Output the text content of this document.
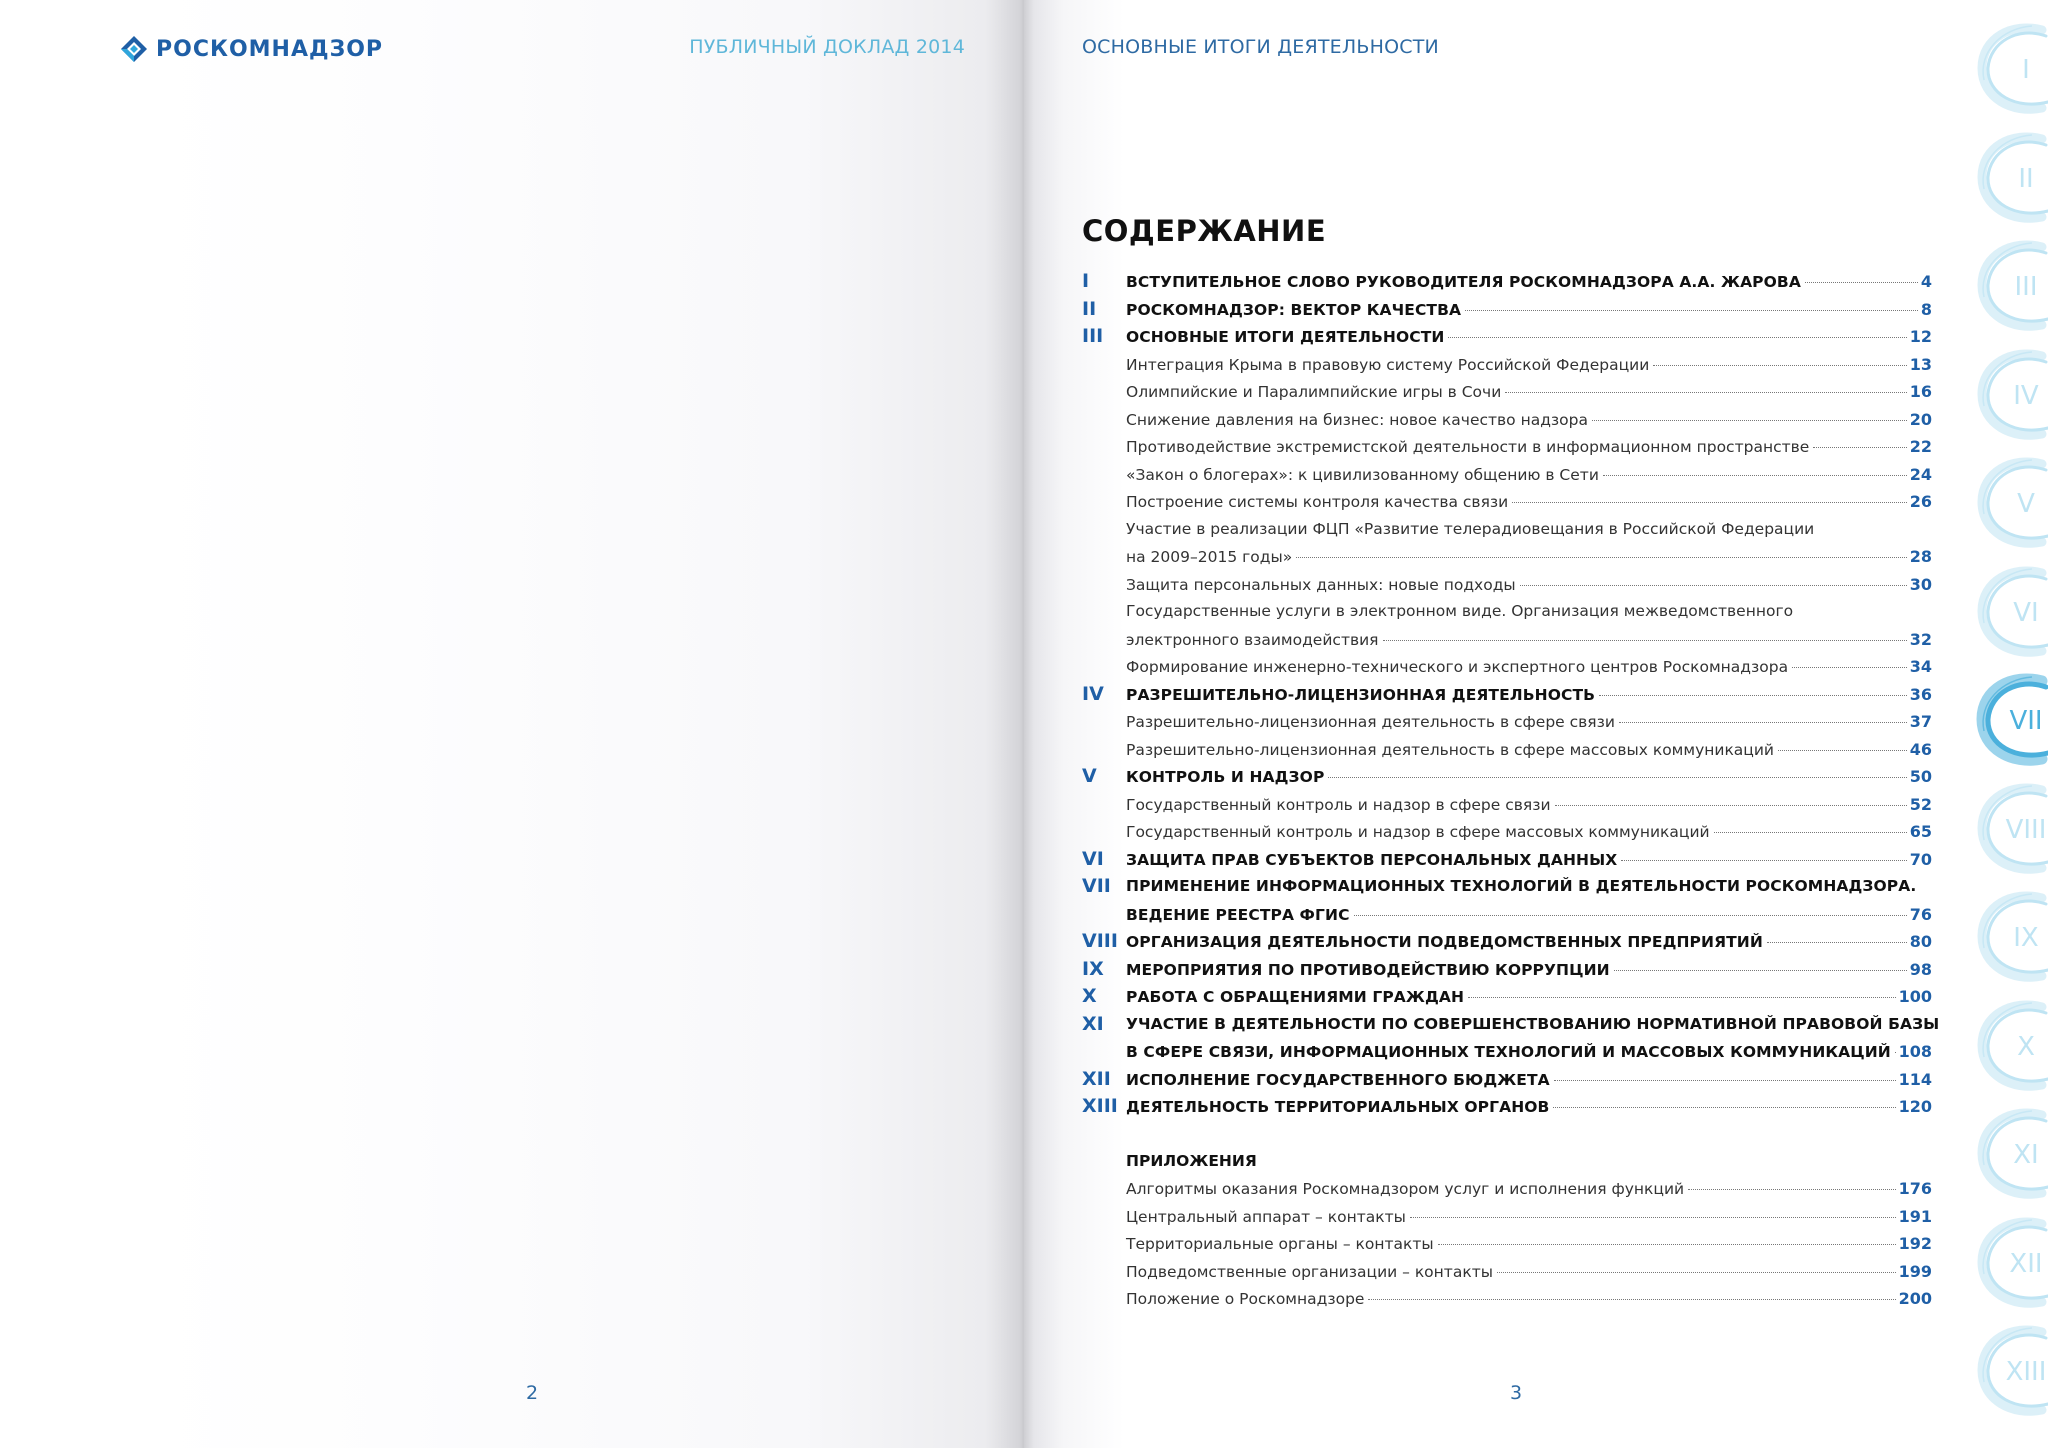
РОСКОМНАДЗОР	ПУБЛИЧНЫЙ ДОКЛАД 2014
2
ОСНОВНЫЕ ИТОГИ ДЕЯТЕЛЬНОСТИ
СОДЕРЖАНИЕ
I	ВСТУПИТЕЛЬНОЕ СЛОВО РУКОВОДИТЕЛЯ РОСКОМНАДЗОРА А.А. ЖАРОВА	4
II	РОСКОМНАДЗОР: ВЕКТОР КАЧЕСТВА	8
III	ОСНОВНЫЕ ИТОГИ ДЕЯТЕЛЬНОСТИ	12
Интеграция Крыма в правовую систему Российской Федерации	13
Олимпийские и Паралимпийские игры в Сочи	16
Снижение давления на бизнес: новое качество надзора	20
Противодействие экстремистской деятельности в информационном пространстве	22
«Закон о блогерах»: к цивилизованному общению в Сети	24
Построение системы контроля качества связи	26
Участие в реализации ФЦП «Развитие телерадиовещания в Российской Федерации
на 2009–2015 годы»	28
Защита персональных данных: новые подходы	30
Государственные услуги в электронном виде. Организация межведомственного
электронного взаимодействия	32
Формирование инженерно-технического и экспертного центров Роскомнадзора	34
IV	РАЗРЕШИТЕЛЬНО-ЛИЦЕНЗИОННАЯ ДЕЯТЕЛЬНОСТЬ	36
Разрешительно-лицензионная деятельность в сфере связи	37
Разрешительно-лицензионная деятельность в сфере массовых коммуникаций	46
V	КОНТРОЛЬ И НАДЗОР	50
Государственный контроль и надзор в сфере связи	52
Государственный контроль и надзор в сфере массовых коммуникаций	65
VI	ЗАЩИТА ПРАВ СУБЪЕКТОВ ПЕРСОНАЛЬНЫХ ДАННЫХ	70
VII ПРИМЕНЕНИЕ ИНФОРМАЦИОННЫХ ТЕХНОЛОГИЙ В ДЕЯТЕЛЬНОСТИ РОСКОМНАДЗОРА.
ВЕДЕНИЕ РЕЕСТРА ФГИС	76
VIII ОРГАНИЗАЦИЯ ДЕЯТЕЛЬНОСТИ ПОДВЕДОМСТВЕННЫХ ПРЕДПРИЯТИЙ	80
IX	МЕРОПРИЯТИЯ ПО ПРОТИВОДЕЙСТВИЮ КОРРУПЦИИ	98
X	РАБОТА С ОБРАЩЕНИЯМИ ГРАЖДАН	100
XI	УЧАСТИЕ В ДЕЯТЕЛЬНОСТИ ПО СОВЕРШЕНСТВОВАНИЮ НОРМАТИВНОЙ ПРАВОВОЙ БАЗЫ
В СФЕРЕ СВЯЗИ, ИНФОРМАЦИОННЫХ ТЕХНОЛОГИЙ И МАССОВЫХ КОММУНИКАЦИЙ 108
XII ИСПОЛНЕНИЕ ГОСУДАРСТВЕННОГО БЮДЖЕТА	114
XIII ДЕЯТЕЛЬНОСТЬ ТЕРРИТОРИАЛЬНЫХ ОРГАНОВ	120
ПРИЛОЖЕНИЯ
Алгоритмы оказания Роскомнадзором услуг и исполнения функций	176
Центральный аппарат – контакты	191
Территориальные органы – контакты	192
Подведомственные организации – контакты	199
Положение о Роскомнадзоре	200
3
I
II
III
IV
V
VI
VII
VIII
IX
X
XI
XII
XIII
